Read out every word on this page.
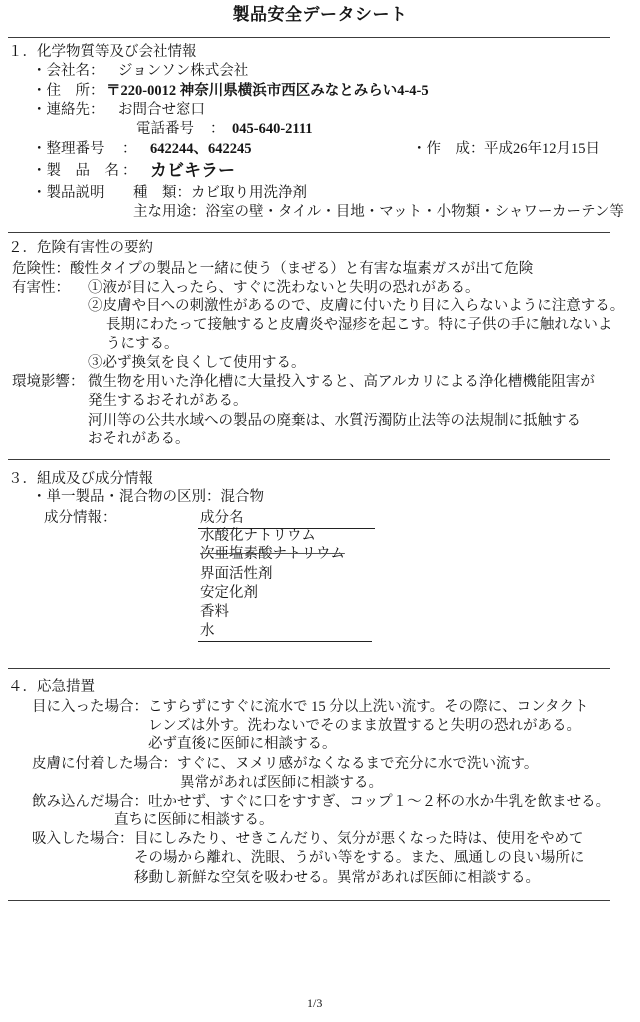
製品安全データシート
１．化学物質等及び会社情報
・会社名： ジョンソン株式会社
・住　所： 〒220-0012 神奈川県横浜市西区みなとみらい4-4-5
・連絡先： お問合せ窓口
電話番号 ： 045-640-2111
・整理番号 ： 642244、642245	・作　成： 平成26年12月15日
・製　品　名 ： カビキラー
・製品説明 種　類：カビ取り用洗浄剤
主な用途：浴室の壁・タイル・目地・マット・小物類・シャワーカーテン等
２．危険有害性の要約
危険性：酸性タイプの製品と一緒に使う（まぜる）と有害な塩素ガスが出て危険
有害性： ①液が目に入ったら、すぐに洗わないと失明の恐れがある。
②皮膚や目への刺激性があるので、皮膚に付いたり目に入らないように注意する。
長期にわたって接触すると皮膚炎や湿疹を起こす。特に子供の手に触れないよ
うにする。
③必ず換気を良くして使用する。
環境影響： 微生物を用いた浄化槽に大量投入すると、高アルカリによる浄化槽機能阻害が
発生するおそれがある。
河川等の公共水域への製品の廃棄は、水質汚濁防止法等の法規制に抵触する
おそれがある。
３．組成及び成分情報
・単一製品・混合物の区別：混合物
成分情報：	成分名
水酸化ナトリウム
次亜塩素酸ナトリウム
界面活性剤
安定化剤
香料
水
４．応急措置
目に入った場合： こすらずにすぐに流水で 15 分以上洗い流す。その際に、コンタクト
レンズは外す。洗わないでそのまま放置すると失明の恐れがある。
必ず直後に医師に相談する。
皮膚に付着した場合： すぐに、ヌメリ感がなくなるまで充分に水で洗い流す。
異常があれば医師に相談する。
飲み込んだ場合： 吐かせず、すぐに口をすすぎ、コップ１～２杯の水か牛乳を飲ませる。
直ちに医師に相談する。
吸入した場合： 目にしみたり、せきこんだり、気分が悪くなった時は、使用をやめて
その場から離れ、洗眼、うがい等をする。また、風通しの良い場所に
移動し新鮮な空気を吸わせる。異常があれば医師に相談する。
1/3
